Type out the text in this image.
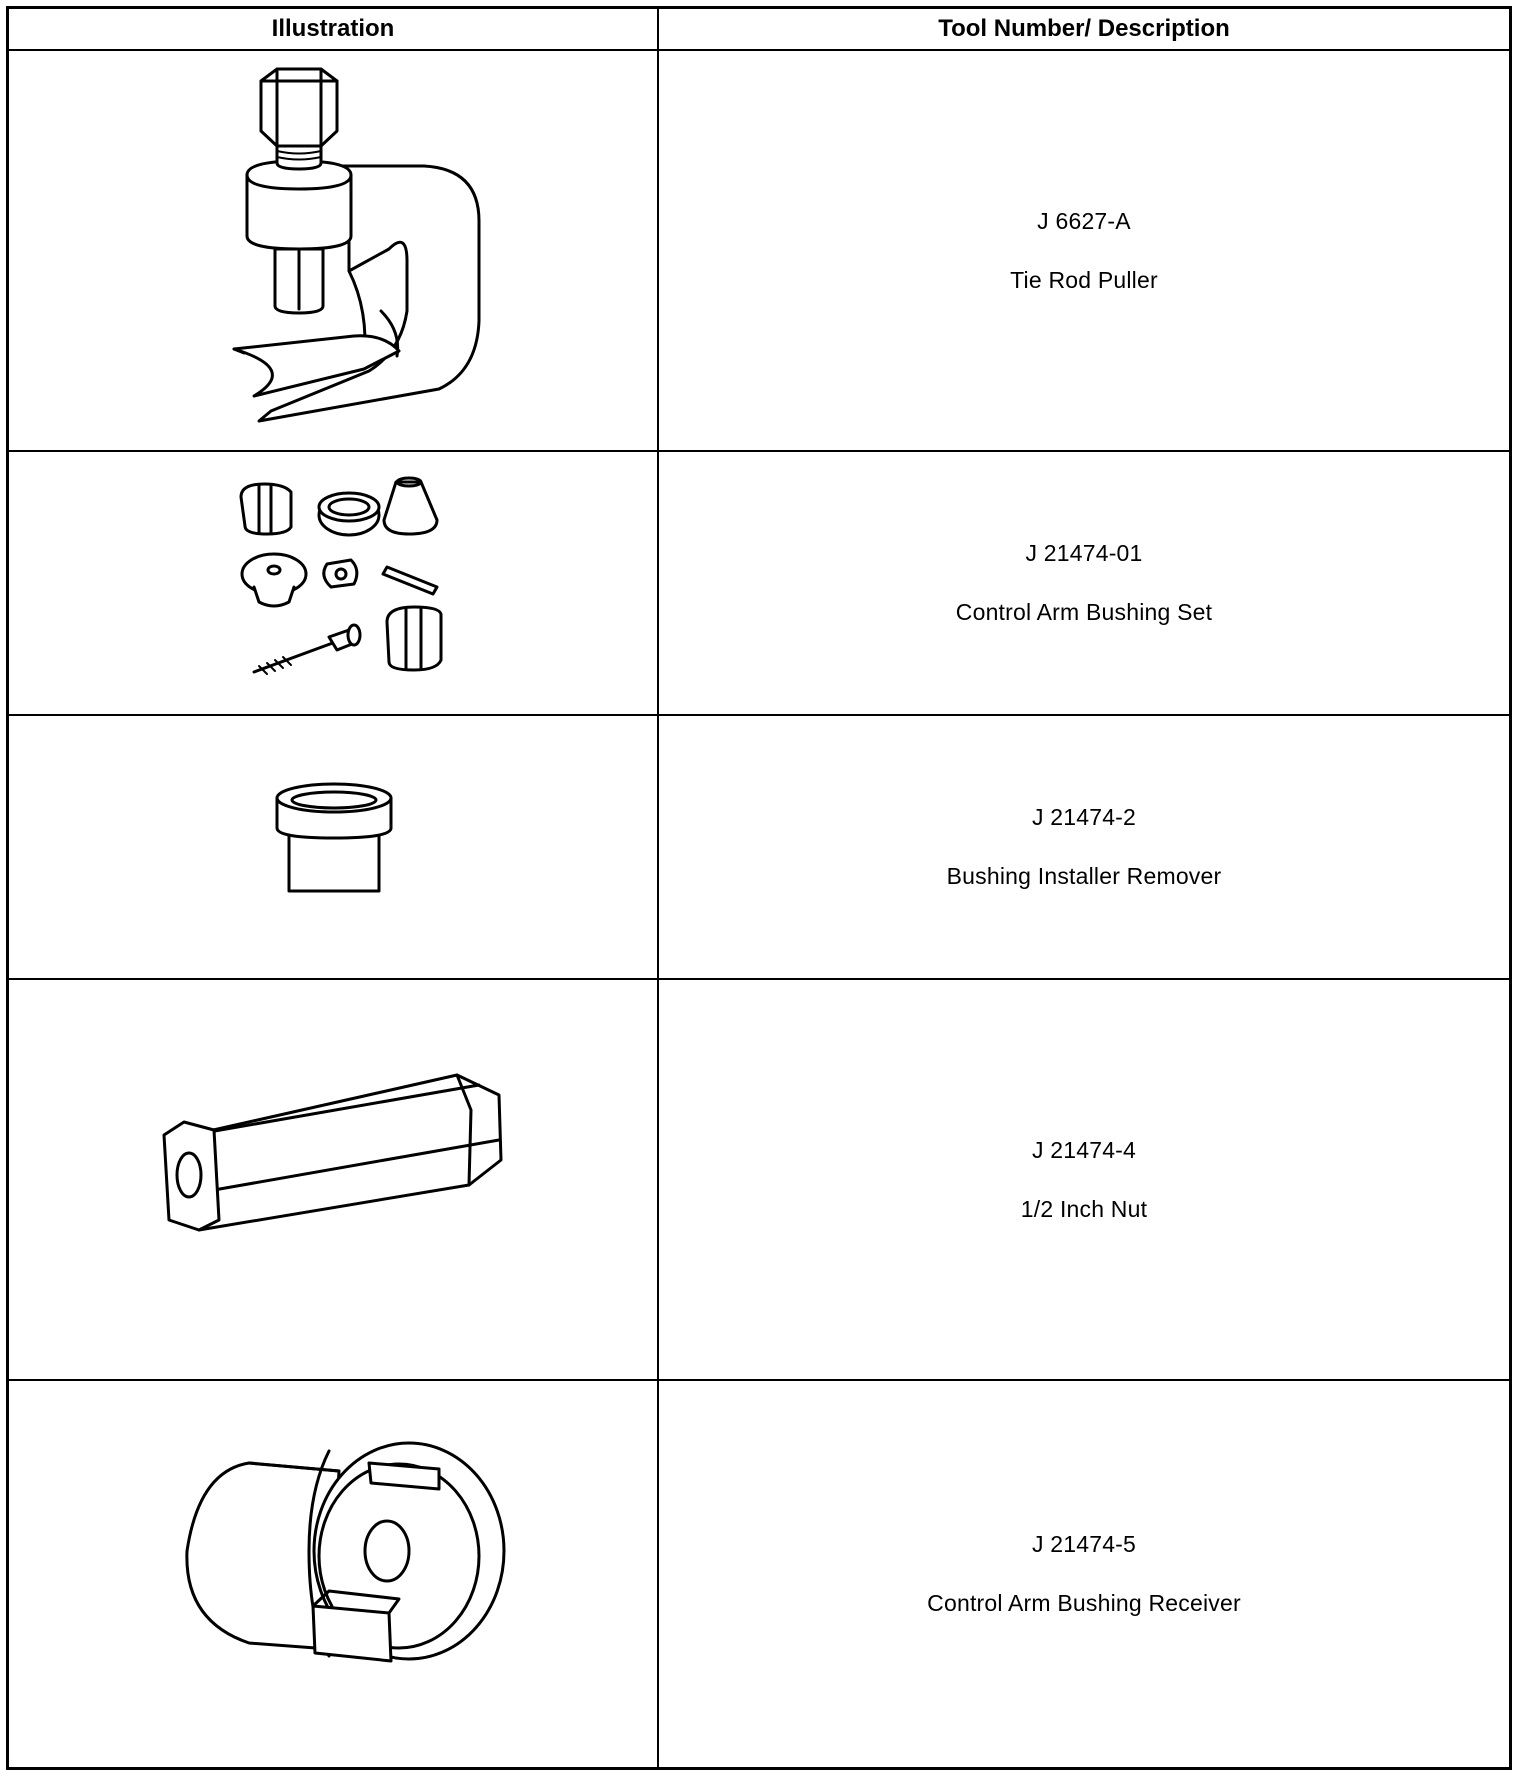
Illustration	Tool Number/ Description
J 6627-A
Tie Rod Puller
J 21474-01
Control Arm Bushing Set
J 21474-2
Bushing Installer Remover
J 21474-4
1/2 Inch Nut
J 21474-5
Control Arm Bushing Receiver
